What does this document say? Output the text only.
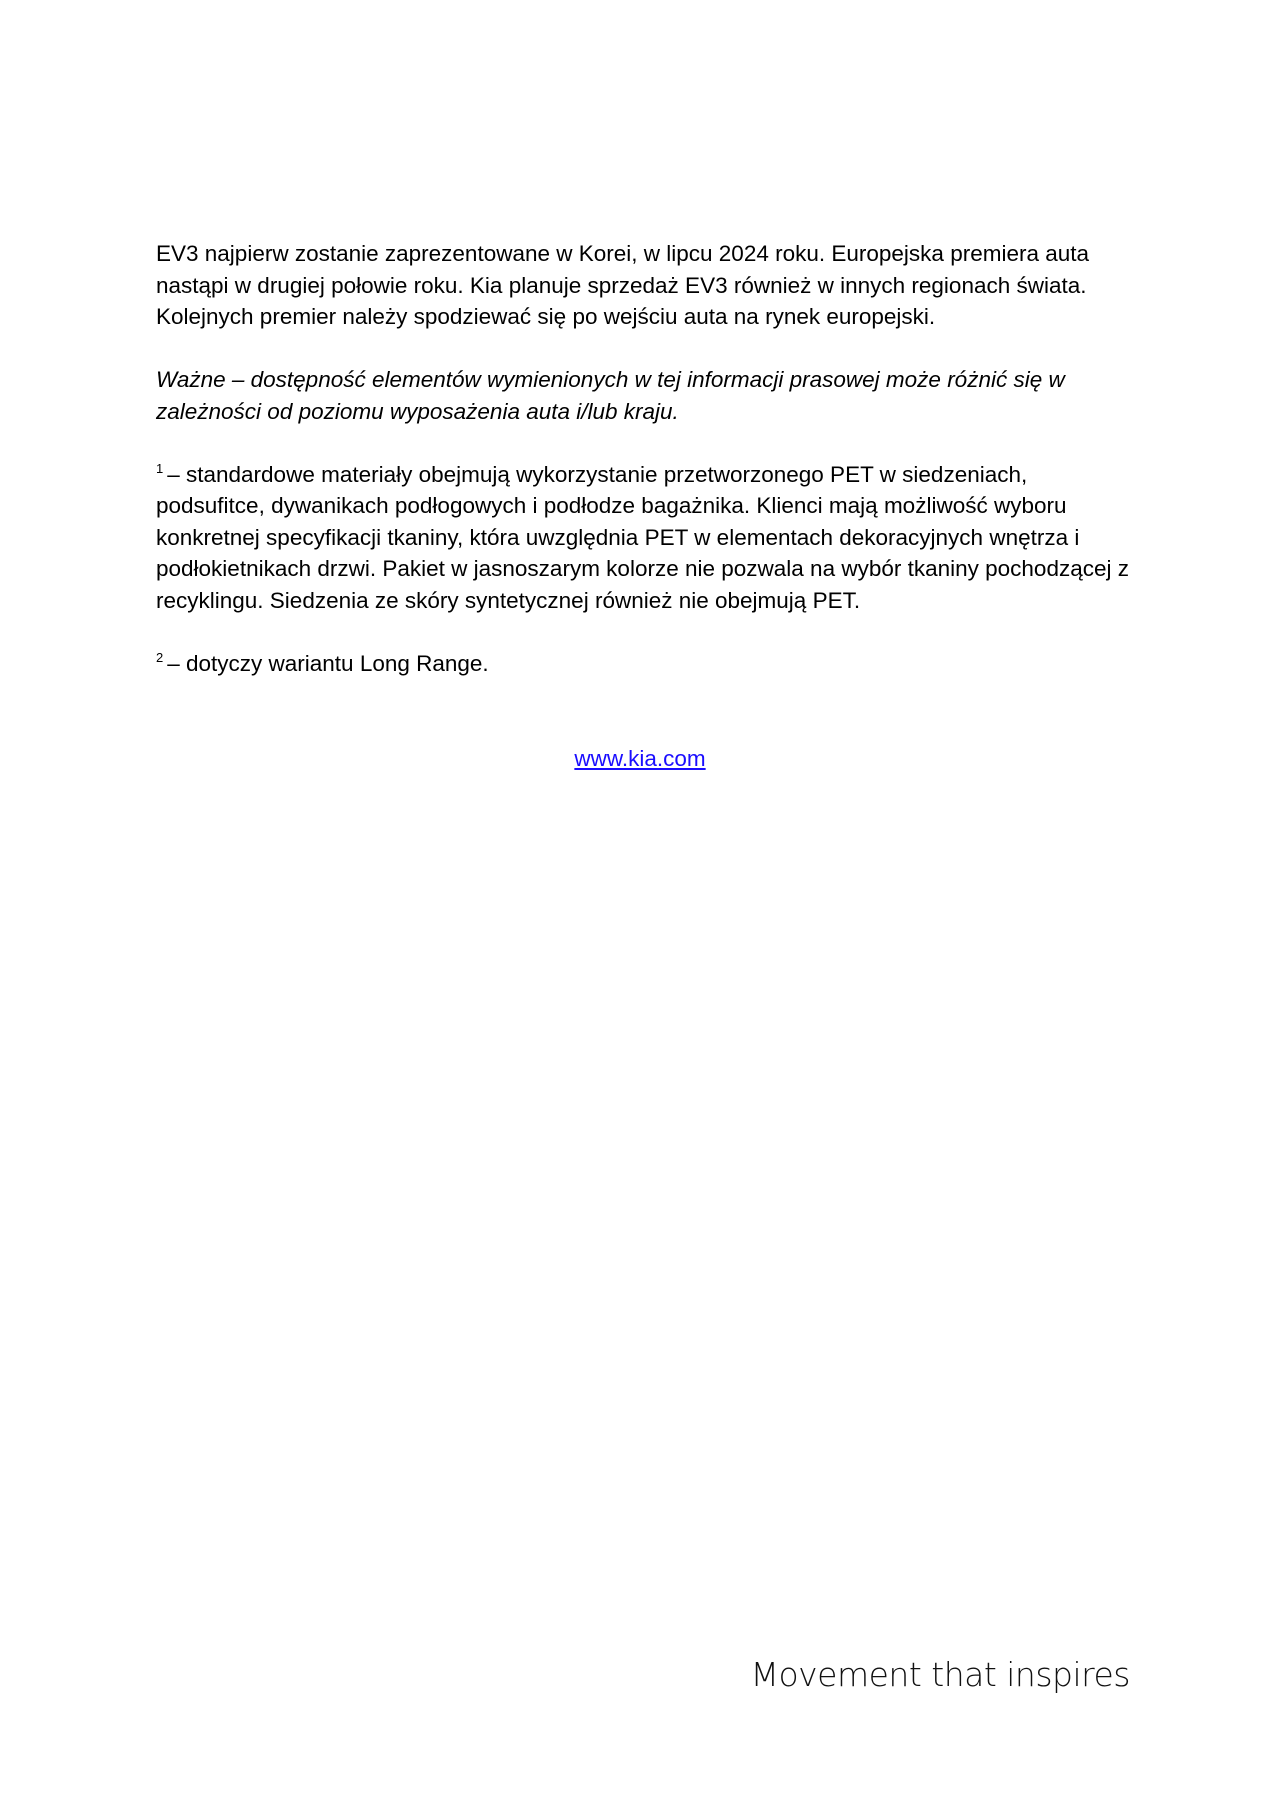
EV3 najpierw zostanie zaprezentowane w Korei, w lipcu 2024 roku. Europejska premiera auta nastąpi w drugiej połowie roku. Kia planuje sprzedaż EV3 również w innych regionach świata. Kolejnych premier należy spodziewać się po wejściu auta na rynek europejski.

Ważne – dostępność elementów wymienionych w tej informacji prasowej może różnić się w zależności od poziomu wyposażenia auta i/lub kraju.

$^1$ – standardowe materiały obejmują wykorzystanie przetworzonego PET w siedzeniach, podsufitce, dywanikach podłogowych i podłodze bagażnika. Klienci mają możliwość wyboru konkretnej specyfikacji tkaniny, która uwzględnia PET w elementach dekoracyjnych wnętrza i podłokietnikach drzwi. Pakiet w jasnoszarym kolorze nie pozwala na wybór tkaniny pochodzącej z recyklingu. Siedzenia ze skóry syntetycznej również nie obejmują PET.

$^2$ – dotyczy wariantu Long Range.

www.kia.com
Movement that inspires
